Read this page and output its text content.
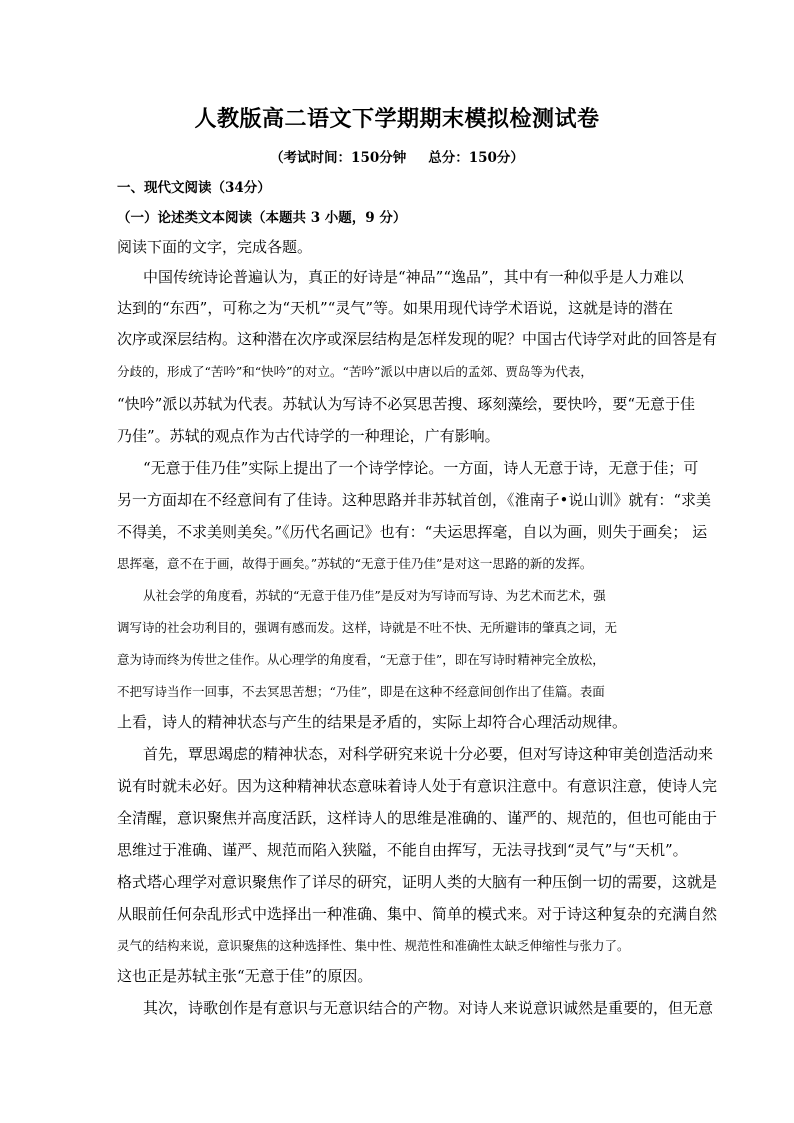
人教版高二语文下学期期末模拟检测试卷
（考试时间：150分钟 总分：150分）
一、现代文阅读（34分）
（一）论述类文本阅读（本题共 3 小题，9 分）
阅读下面的文字，完成各题。
中国传统诗论普遍认为，真正的好诗是“神品”“逸品”，其中有一种似乎是人力难以
达到的“东西”，可称之为“天机”“灵气”等。如果用现代诗学术语说，这就是诗的潜在
次序或深层结构。这种潜在次序或深层结构是怎样发现的呢？中国古代诗学对此的回答是有
分歧的，形成了“苦吟”和“快吟”的对立。“苦吟”派以中唐以后的孟郊、贾岛等为代表，
“快吟”派以苏轼为代表。苏轼认为写诗不必冥思苦搜、琢刻藻绘，要快吟，要“无意于佳
乃佳”。苏轼的观点作为古代诗学的一种理论，广有影响。
“无意于佳乃佳”实际上提出了一个诗学悖论。一方面，诗人无意于诗，无意于佳；可
另一方面却在不经意间有了佳诗。这种思路并非苏轼首创，《淮南子•说山训》就有：“求美
不得美，不求美则美矣。”《历代名画记》也有：“夫运思挥毫，自以为画，则失于画矣； 运
思挥毫，意不在于画，故得于画矣。”苏轼的“无意于佳乃佳”是对这一思路的新的发挥。
从社会学的角度看，苏轼的“无意于佳乃佳”是反对为写诗而写诗、为艺术而艺术，强
调写诗的社会功利目的，强调有感而发。这样，诗就是不吐不快、无所避讳的肇真之词，无
意为诗而终为传世之佳作。从心理学的角度看，“无意于佳”，即在写诗时精神完全放松，
不把写诗当作一回事，不去冥思苦想；“乃佳”，即是在这种不经意间创作出了佳篇。表面
上看，诗人的精神状态与产生的结果是矛盾的，实际上却符合心理活动规律。
首先，覃思竭虑的精神状态，对科学研究来说十分必要，但对写诗这种审美创造活动来
说有时就未必好。因为这种精神状态意味着诗人处于有意识注意中。有意识注意，使诗人完
全清醒，意识聚焦并高度活跃，这样诗人的思维是准确的、谨严的、规范的，但也可能由于
思维过于准确、谨严、规范而陷入狭隘，不能自由挥写，无法寻找到“灵气”与“天机”。
格式塔心理学对意识聚焦作了详尽的研究，证明人类的大脑有一种压倒一切的需要，这就是
从眼前任何杂乱形式中选择出一种准确、集中、简单的模式来。对于诗这种复杂的充满自然
灵气的结构来说，意识聚焦的这种选择性、集中性、规范性和准确性太缺乏伸缩性与张力了。
这也正是苏轼主张“无意于佳”的原因。
其次，诗歌创作是有意识与无意识结合的产物。对诗人来说意识诚然是重要的，但无意
